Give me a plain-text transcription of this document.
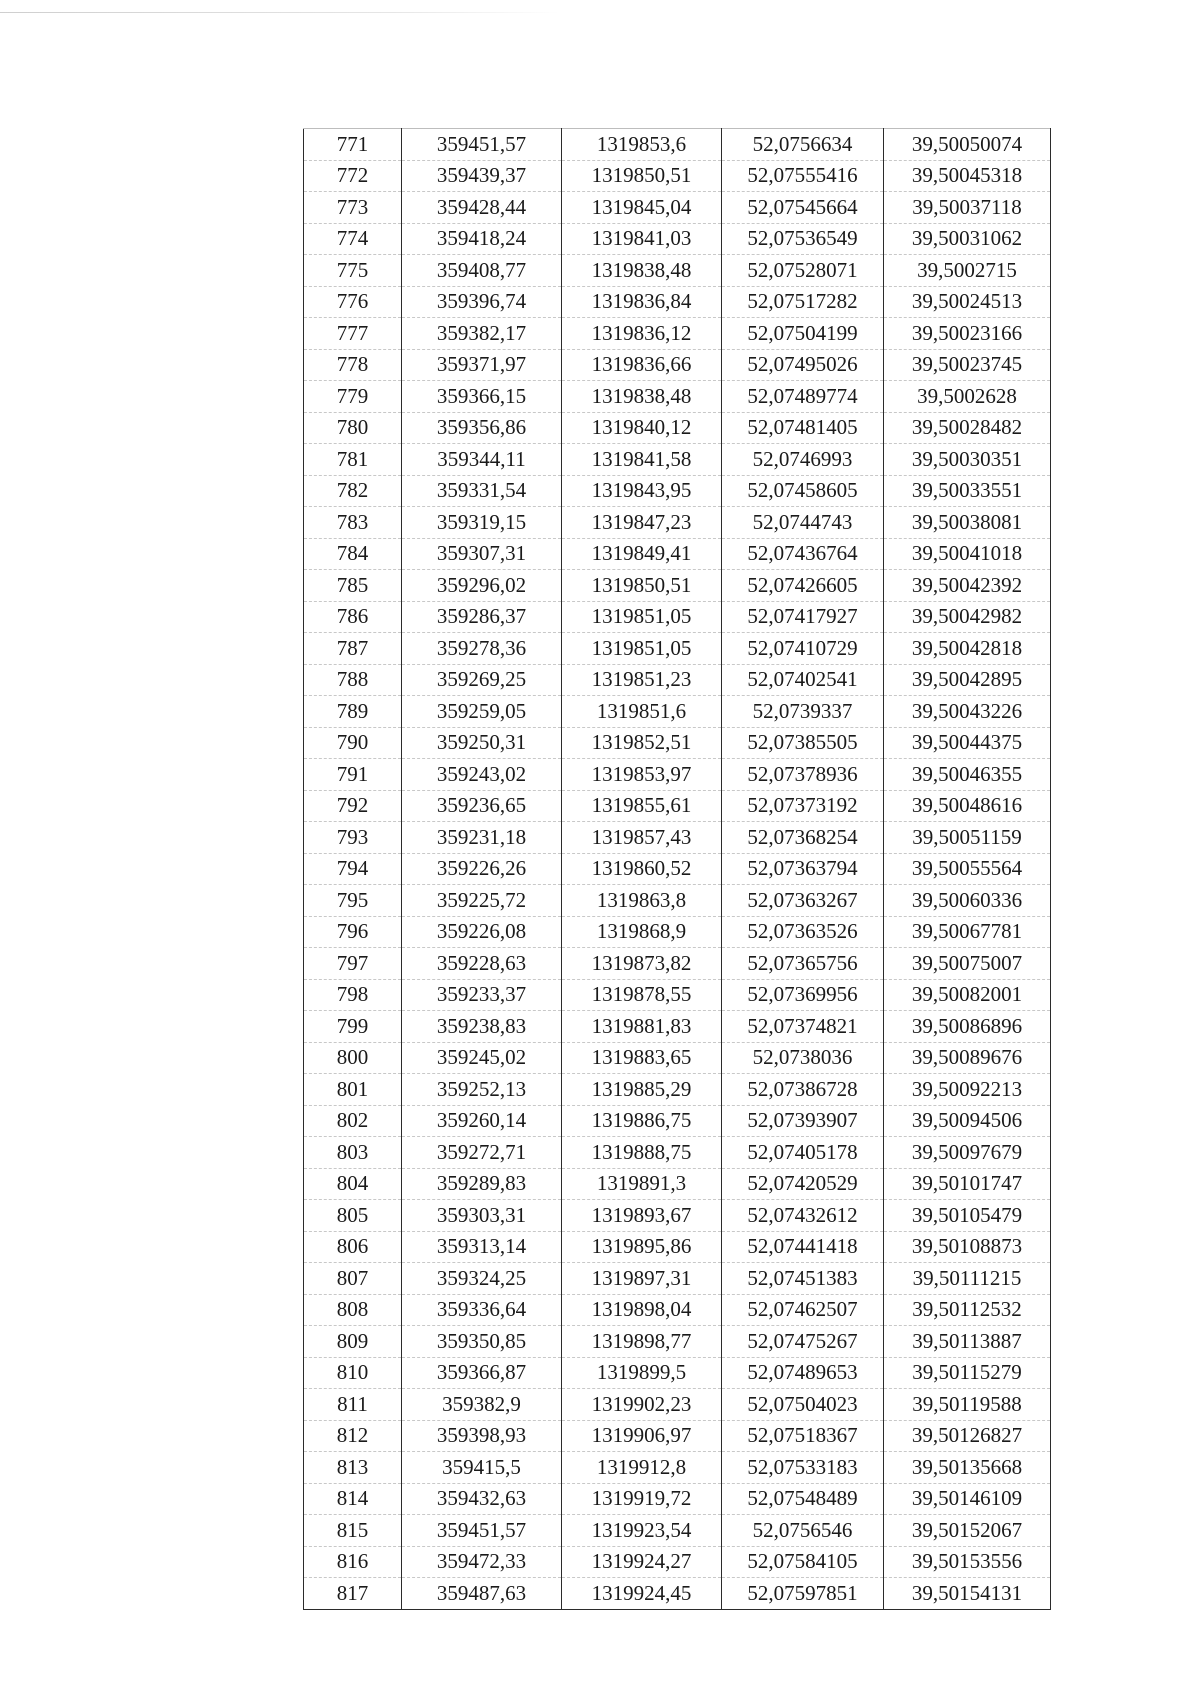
771	359451,57	1319853,6	52,0756634	39,50050074
772	359439,37	1319850,51	52,07555416	39,50045318
773	359428,44	1319845,04	52,07545664	39,50037118
774	359418,24	1319841,03	52,07536549	39,50031062
775	359408,77	1319838,48	52,07528071	39,5002715
776	359396,74	1319836,84	52,07517282	39,50024513
777	359382,17	1319836,12	52,07504199	39,50023166
778	359371,97	1319836,66	52,07495026	39,50023745
779	359366,15	1319838,48	52,07489774	39,5002628
780	359356,86	1319840,12	52,07481405	39,50028482
781	359344,11	1319841,58	52,0746993	39,50030351
782	359331,54	1319843,95	52,07458605	39,50033551
783	359319,15	1319847,23	52,0744743	39,50038081
784	359307,31	1319849,41	52,07436764	39,50041018
785	359296,02	1319850,51	52,07426605	39,50042392
786	359286,37	1319851,05	52,07417927	39,50042982
787	359278,36	1319851,05	52,07410729	39,50042818
788	359269,25	1319851,23	52,07402541	39,50042895
789	359259,05	1319851,6	52,0739337	39,50043226
790	359250,31	1319852,51	52,07385505	39,50044375
791	359243,02	1319853,97	52,07378936	39,50046355
792	359236,65	1319855,61	52,07373192	39,50048616
793	359231,18	1319857,43	52,07368254	39,50051159
794	359226,26	1319860,52	52,07363794	39,50055564
795	359225,72	1319863,8	52,07363267	39,50060336
796	359226,08	1319868,9	52,07363526	39,50067781
797	359228,63	1319873,82	52,07365756	39,50075007
798	359233,37	1319878,55	52,07369956	39,50082001
799	359238,83	1319881,83	52,07374821	39,50086896
800	359245,02	1319883,65	52,0738036	39,50089676
801	359252,13	1319885,29	52,07386728	39,50092213
802	359260,14	1319886,75	52,07393907	39,50094506
803	359272,71	1319888,75	52,07405178	39,50097679
804	359289,83	1319891,3	52,07420529	39,50101747
805	359303,31	1319893,67	52,07432612	39,50105479
806	359313,14	1319895,86	52,07441418	39,50108873
807	359324,25	1319897,31	52,07451383	39,50111215
808	359336,64	1319898,04	52,07462507	39,50112532
809	359350,85	1319898,77	52,07475267	39,50113887
810	359366,87	1319899,5	52,07489653	39,50115279
811	359382,9	1319902,23	52,07504023	39,50119588
812	359398,93	1319906,97	52,07518367	39,50126827
813	359415,5	1319912,8	52,07533183	39,50135668
814	359432,63	1319919,72	52,07548489	39,50146109
815	359451,57	1319923,54	52,0756546	39,50152067
816	359472,33	1319924,27	52,07584105	39,50153556
817	359487,63	1319924,45	52,07597851	39,50154131
